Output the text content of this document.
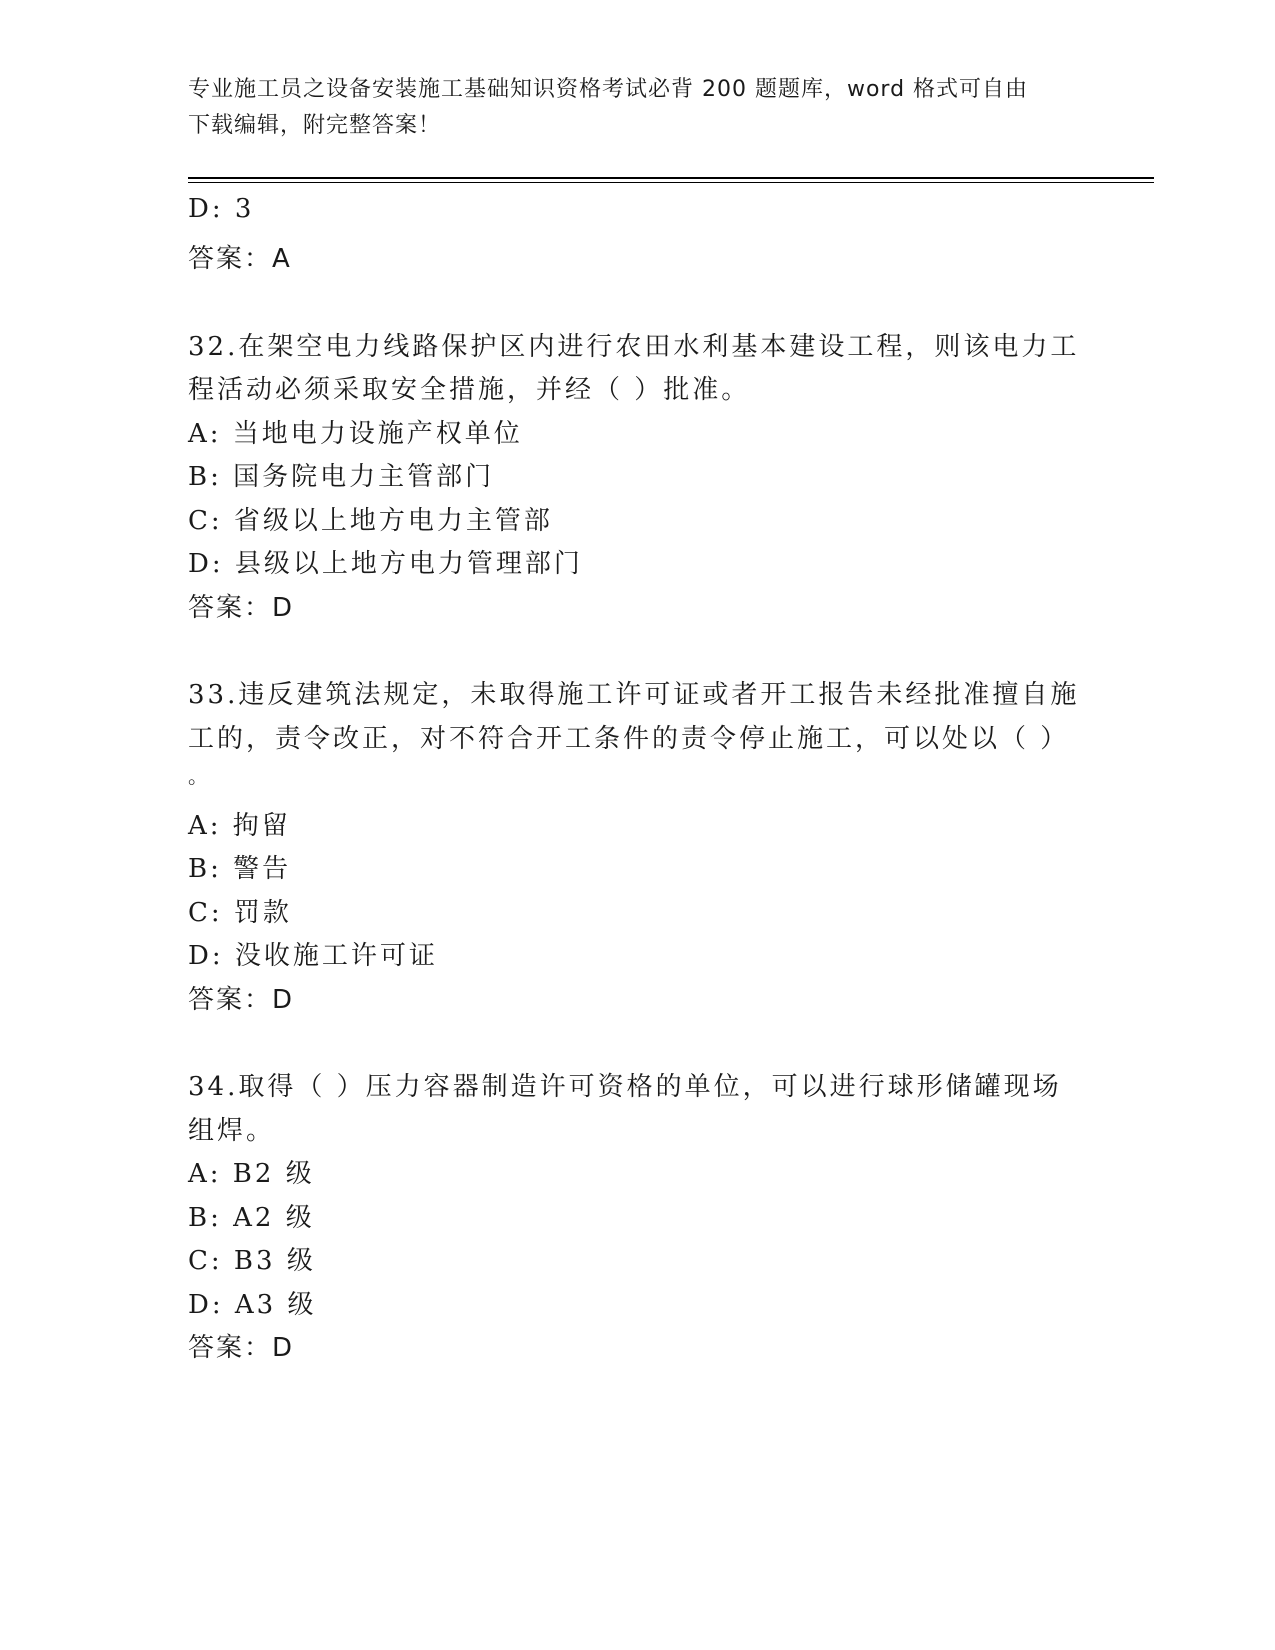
专业施工员之设备安装施工基础知识资格考试必背 200 题题库，word 格式可自由
下载编辑，附完整答案！
D: 3
答案：A
32.在架空电力线路保护区内进行农田水利基本建设工程，则该电力工
程活动必须采取安全措施，并经（ ）批准。
A: 当地电力设施产权单位
B: 国务院电力主管部门
C: 省级以上地方电力主管部
D: 县级以上地方电力管理部门
答案：D
33.违反建筑法规定，未取得施工许可证或者开工报告未经批准擅自施
工的，责令改正，对不符合开工条件的责令停止施工，可以处以（ ）
。
A: 拘留
B: 警告
C: 罚款
D: 没收施工许可证
答案：D
34.取得（ ）压力容器制造许可资格的单位，可以进行球形储罐现场
组焊。
A: B2 级
B: A2 级
C: B3 级
D: A3 级
答案：D
